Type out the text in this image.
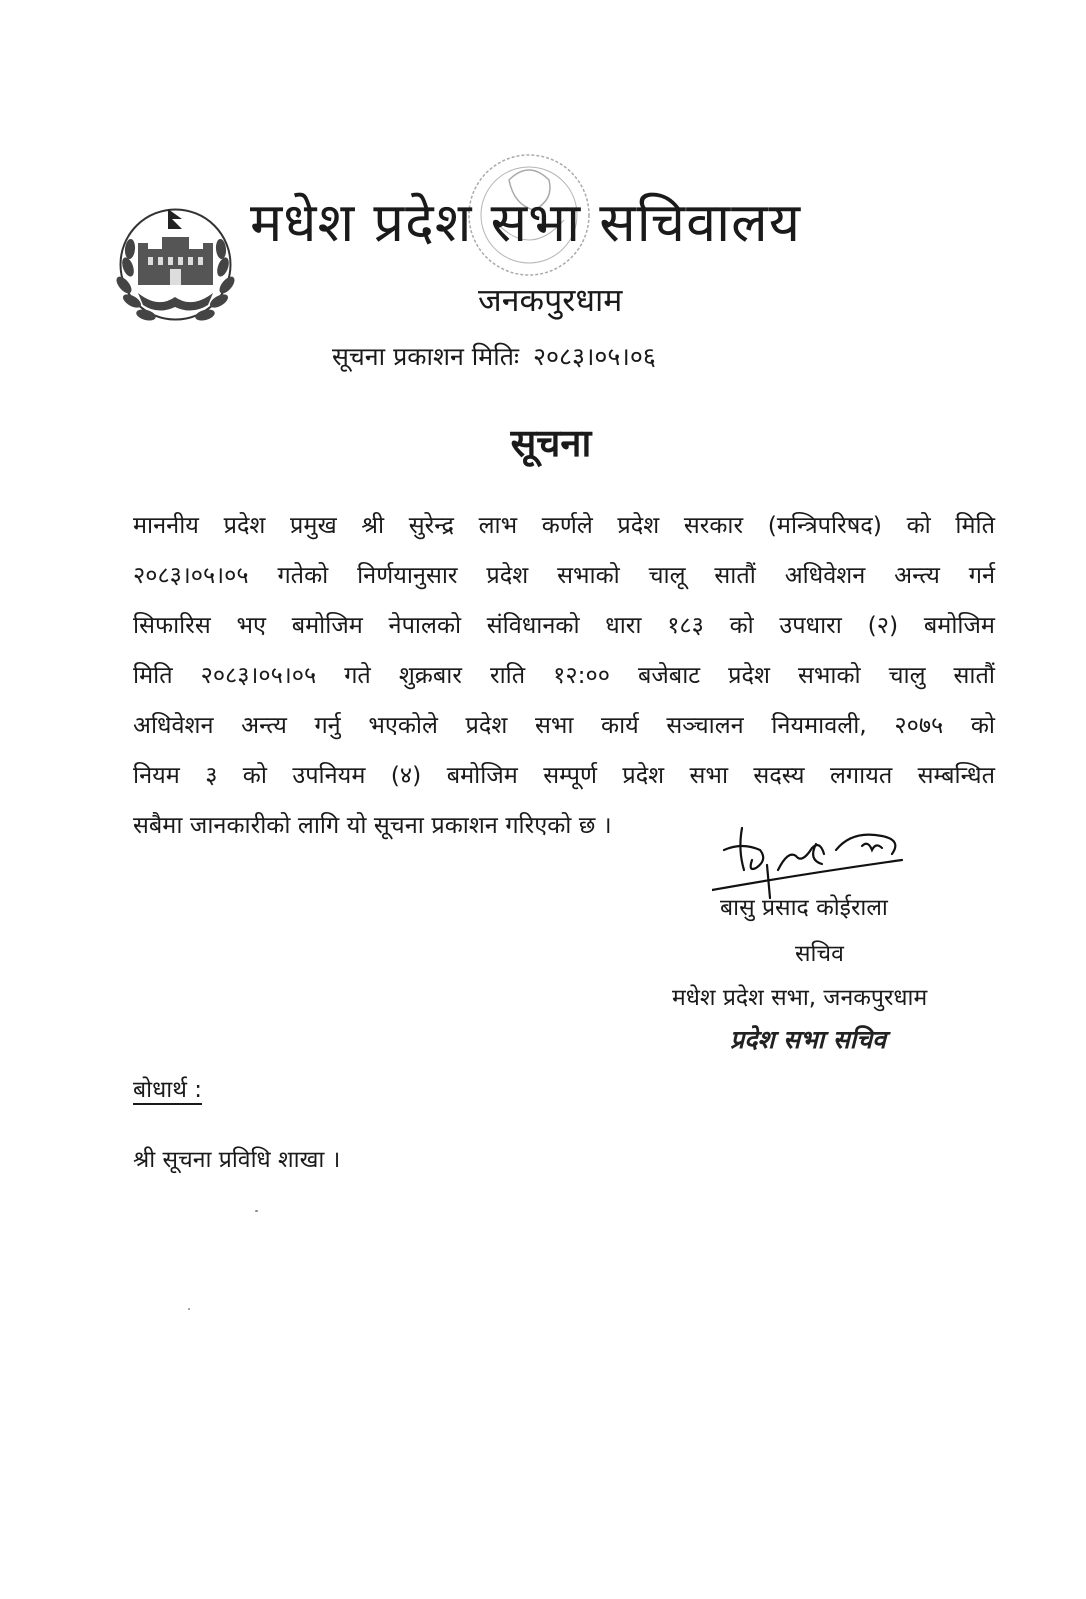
मधेश प्रदेश सभा सचिवालय
जनकपुरधाम
सूचना प्रकाशन मितिः २०८३।०५।०६
सूचना
माननीय प्रदेश प्रमुख श्री सुरेन्द्र लाभ कर्णले प्रदेश सरकार (मन्त्रिपरिषद) को मिति
२०८३।०५।०५ गतेको निर्णयानुसार प्रदेश सभाको चालू सातौं अधिवेशन अन्त्य गर्न
सिफारिस भए बमोजिम नेपालको संविधानको धारा १८३ को उपधारा (२) बमोजिम
मिति २०८३।०५।०५ गते शुक्रबार राति १२:०० बजेबाट प्रदेश सभाको चालु सातौं
अधिवेशन अन्त्य गर्नु भएकोले प्रदेश सभा कार्य सञ्चालन नियमावली, २०७५ को
नियम ३ को उपनियम (४) बमोजिम सम्पूर्ण प्रदेश सभा सदस्य लगायत सम्बन्धित
सबैमा जानकारीको लागि यो सूचना प्रकाशन गरिएको छ ।
बासु प्रसाद कोईराला
सचिव
मधेश प्रदेश सभा, जनकपुरधाम
प्रदेश सभा सचिव
बोधार्थ :
श्री सूचना प्रविधि शाखा ।
